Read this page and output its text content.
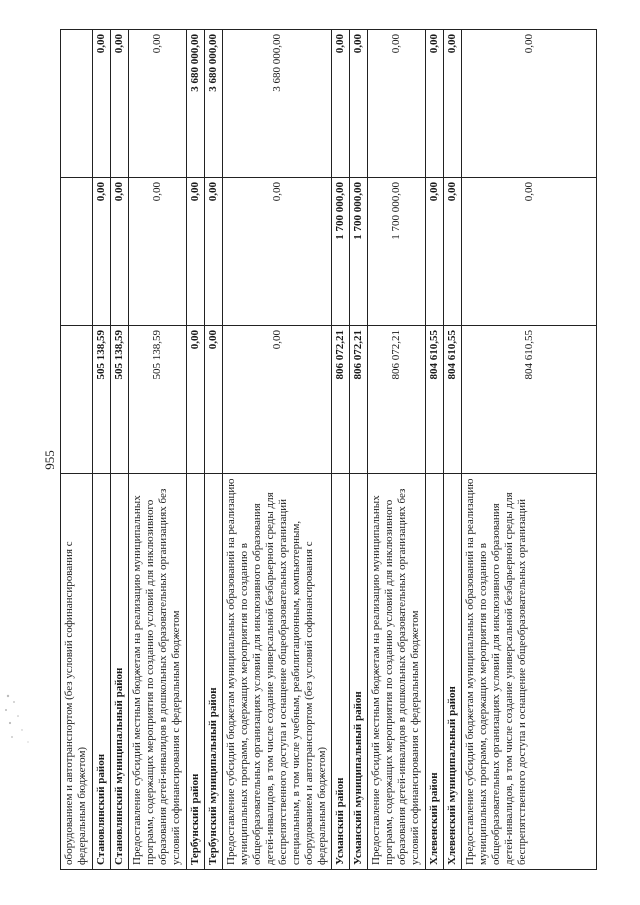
955
оборудованием и автотранспортом (без условий софинансирования с федеральным бюджетом)			
Становлянский район	505 138,59	0,00	0,00
Становлянский муниципальный район	505 138,59	0,00	0,00
Предоставление субсидий местным бюджетам на реализацию муниципальных программ, содержащих мероприятия по созданию условий для инклюзивного образования детей-инвалидов в дошкольных образовательных организациях без условий софинансирования с федеральным бюджетом	505 138,59	0,00	0,00
Тербунский район	0,00	0,00	3 680 000,00
Тербунский муниципальный район	0,00	0,00	3 680 000,00
Предоставление субсидий бюджетам муниципальных образований на реализацию муниципальных программ, содержащих мероприятия по созданию в общеобразовательных организациях условий для инклюзивного образования детей-инвалидов, в том числе создание универсальной безбарьерной среды для беспрепятственного доступа и оснащение общеобразовательных организаций специальным, в том числе учебным, реабилитационным, компьютерным, оборудованием и автотранспортом (без условий софинансирования с федеральным бюджетом)	0,00	0,00	3 680 000,00
Усманский район	806 072,21	1 700 000,00	0,00
Усманский муниципальный район	806 072,21	1 700 000,00	0,00
Предоставление субсидий местным бюджетам на реализацию муниципальных программ, содержащих мероприятия по созданию условий для инклюзивного образования детей-инвалидов в дошкольных образовательных организациях без условий софинансирования с федеральным бюджетом	806 072,21	1 700 000,00	0,00
Хлевенский район	804 610,55	0,00	0,00
Хлевенский муниципальный район	804 610,55	0,00	0,00
Предоставление субсидий бюджетам муниципальных образований на реализацию муниципальных программ, содержащих мероприятия по созданию в общеобразовательных организациях условий для инклюзивного образования детей-инвалидов, в том числе создание универсальной безбарьерной среды для беспрепятственного доступа и оснащение общеобразовательных организаций	804 610,55	0,00	0,00
